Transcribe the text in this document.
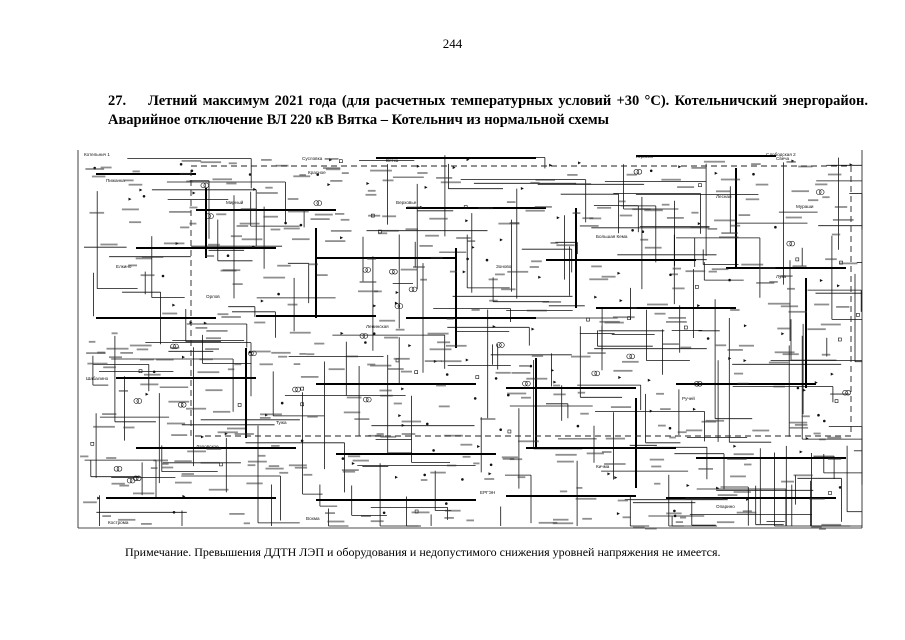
244
27. Летний максимум 2021 года (для расчетных температурных условий +30 °С). Котельничский энергорайон. Аварийное отключение ВЛ 220 кВ Вятка – Котельнич из нормальной схемы
Котельнич 1
Вятка	Свеча
Сусловка	Юрьево
Лесная
Мураши
Большая Кема
Луза
Слободская 2
Пижанка
Красное
Мирный	Верховье
Шабалино
Опарино
Даровское
Ленинская
Зоново
Кострома
ЕРГЭН
Кичма
Ручей
Тужа
Орлов
Елкино
Вохма
Примечание. Превышения ДДТН ЛЭП и оборудования и недопустимого снижения уровней напряжения не имеется.
